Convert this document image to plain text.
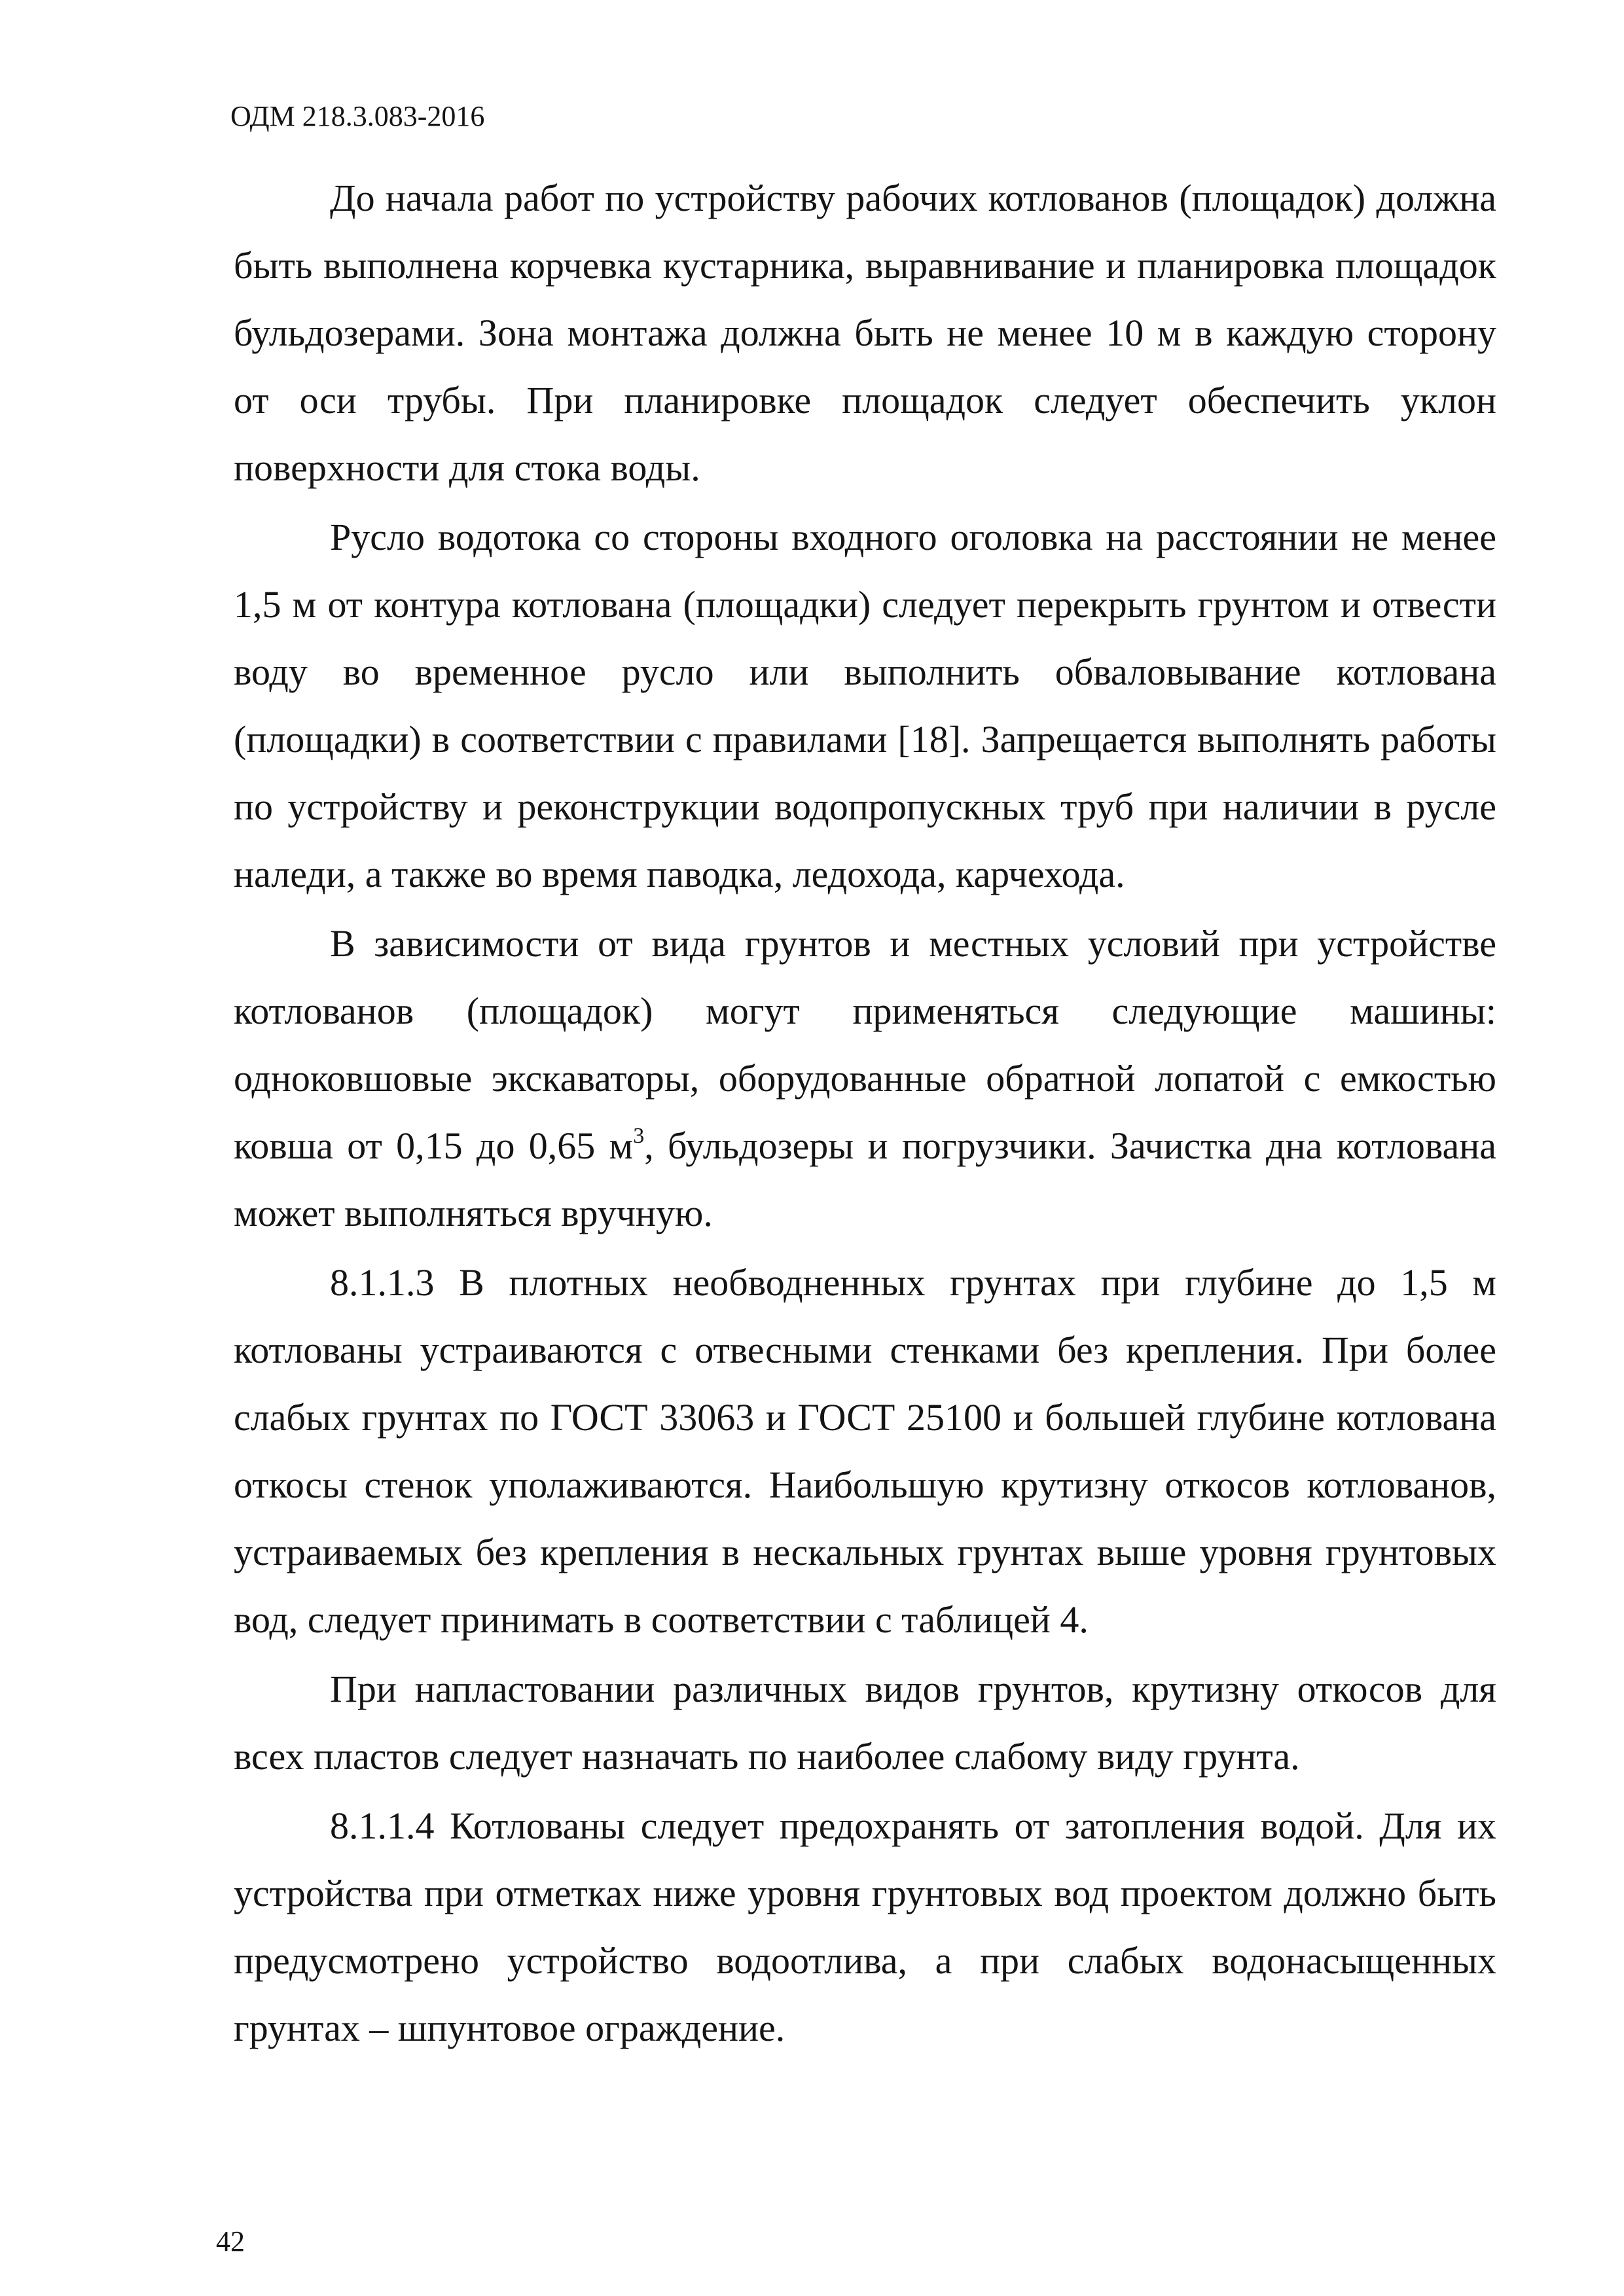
ОДМ 218.3.083-2016

До начала работ по устройству рабочих котлованов (площадок) должна быть выполнена корчевка кустарника, выравнивание и планировка площадок бульдозерами. Зона монтажа должна быть не менее 10 м в каждую сторону от оси трубы. При планировке площадок следует обеспечить уклон поверхности для стока воды.

Русло водотока со стороны входного оголовка на расстоянии не менее 1,5 м от контура котлована (площадки) следует перекрыть грунтом и отвести воду во временное русло или выполнить обваловывание котлована (площадки) в соответствии с правилами [18]. Запрещается выполнять работы по устройству и реконструкции водопропускных труб при наличии в русле наледи, а также во время паводка, ледохода, карчехода.

В зависимости от вида грунтов и местных условий при устройстве котлованов (площадок) могут применяться следующие машины: одноковшовые экскаваторы, оборудованные обратной лопатой с емкостью ковша от 0,15 до 0,65 $м^3$, бульдозеры и погрузчики. Зачистка дна котлована может выполняться вручную.

8.1.1.3 В плотных необводненных грунтах при глубине до 1,5 м котлованы устраиваются с отвесными стенками без крепления. При более слабых грунтах по ГОСТ 33063 и ГОСТ 25100 и большей глубине котлована откосы стенок уполаживаются. Наибольшую крутизну откосов котлованов, устраиваемых без крепления в нескальных грунтах выше уровня грунтовых вод, следует принимать в соответствии с таблицей 4.

При напластовании различных видов грунтов, крутизну откосов для всех пластов следует назначать по наиболее слабому виду грунта.

8.1.1.4 Котлованы следует предохранять от затопления водой. Для их устройства при отметках ниже уровня грунтовых вод проектом должно быть предусмотрено устройство водоотлива, а при слабых водонасыщенных грунтах – шпунтовое ограждение.

42
